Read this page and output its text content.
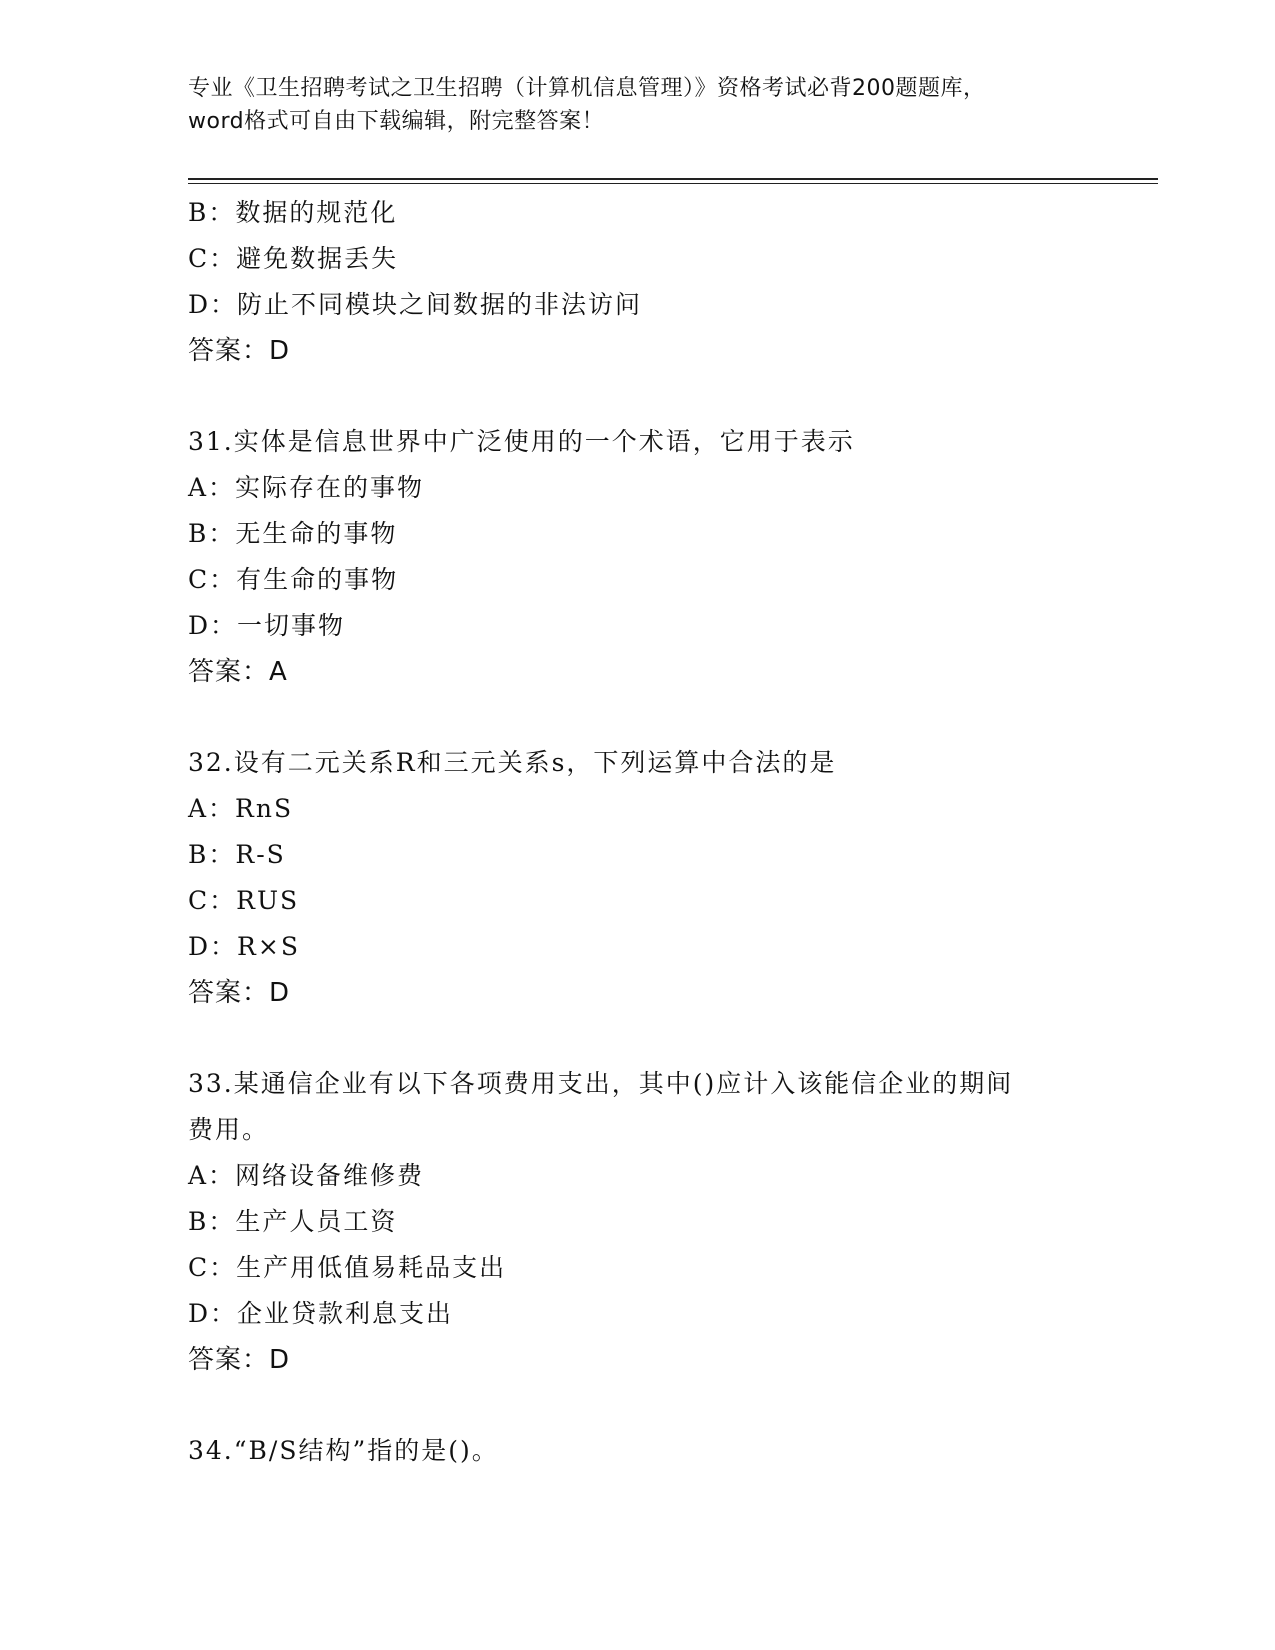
专业《卫生招聘考试之卫生招聘（计算机信息管理）》资格考试必背200题题库，
word格式可自由下载编辑，附完整答案！
B：数据的规范化
C：避免数据丢失
D：防止不同模块之间数据的非法访问
答案：D
31.实体是信息世界中广泛使用的一个术语，它用于表示
A：实际存在的事物
B：无生命的事物
C：有生命的事物
D：一切事物
答案：A
32.设有二元关系R和三元关系s，下列运算中合法的是
A：RnS
B：R-S
C：RUS
D：R×S
答案：D
33.某通信企业有以下各项费用支出，其中()应计入该能信企业的期间
费用。
A：网络设备维修费
B：生产人员工资
C：生产用低值易耗品支出
D：企业贷款利息支出
答案：D
34.“B/S结构”指的是()。
